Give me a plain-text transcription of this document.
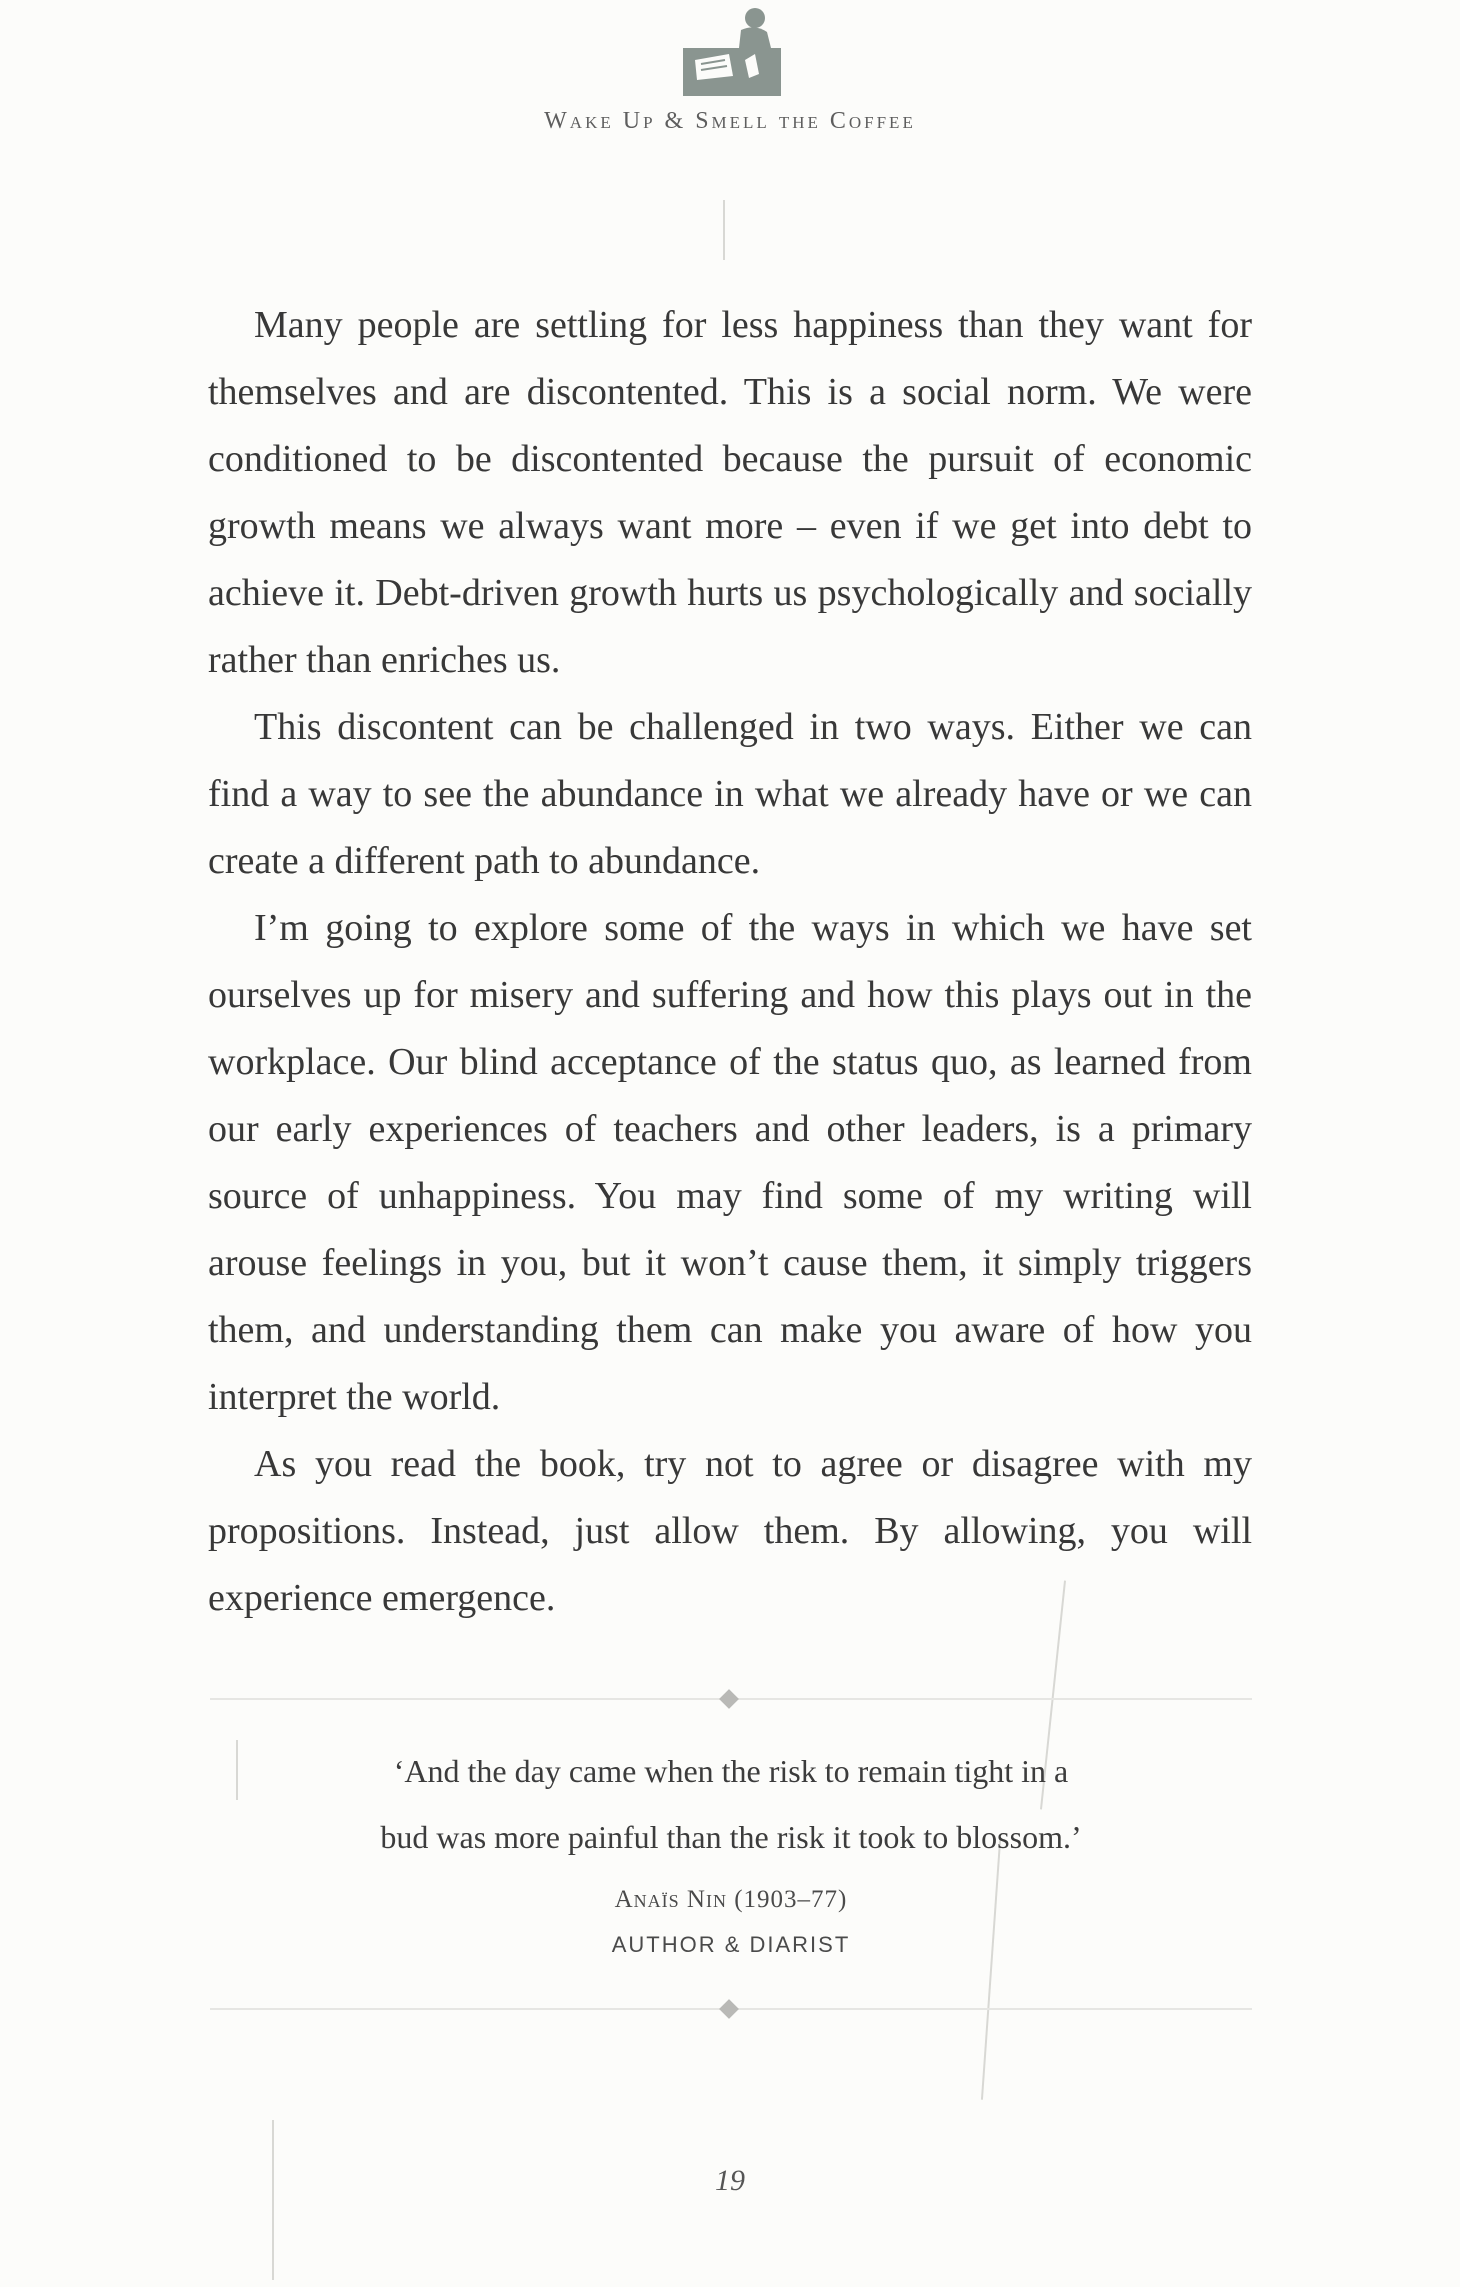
Wake Up & Smell the Coffee

Many people are settling for less happiness than they want for themselves and are discontented. This is a social norm. We were conditioned to be discontented because the pursuit of economic growth means we always want more – even if we get into debt to achieve it. Debt-driven growth hurts us psychologically and socially rather than enriches us.

This discontent can be challenged in two ways. Either we can find a way to see the abundance in what we already have or we can create a different path to abundance.

I’m going to explore some of the ways in which we have set ourselves up for misery and suffering and how this plays out in the workplace. Our blind acceptance of the status quo, as learned from our early experiences of teachers and other leaders, is a primary source of unhappiness. You may find some of my writing will arouse feelings in you, but it won’t cause them, it simply triggers them, and understanding them can make you aware of how you interpret the world.

As you read the book, try not to agree or disagree with my propositions. Instead, just allow them. By allowing, you will experience emergence.

‘And the day came when the risk to remain tight in a
bud was more painful than the risk it took to blossom.’
Anaïs Nin (1903–77)
AUTHOR & DIARIST
19
